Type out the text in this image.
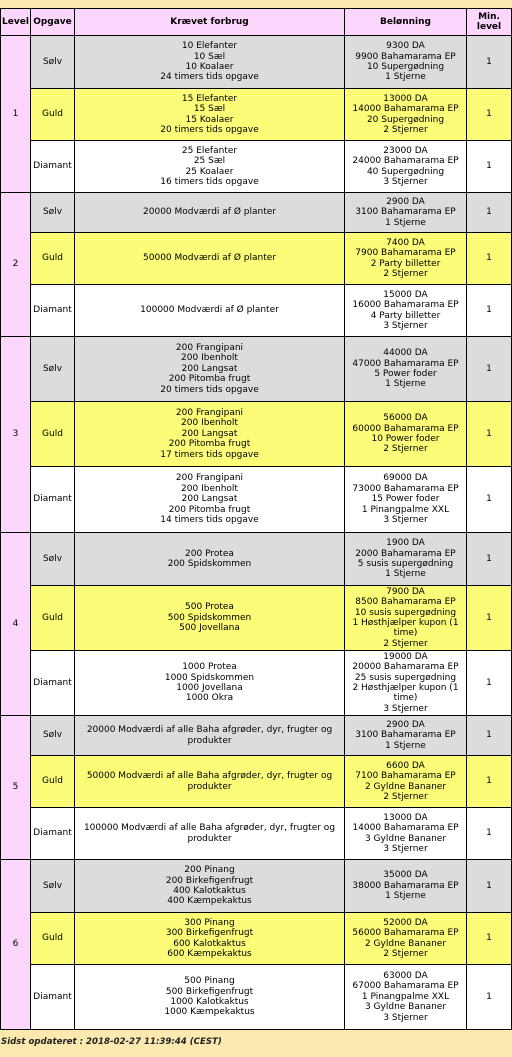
Level	Opgave	Krævet forbrug	Belønning	Min. level
1	Sølv	10 Elefanter
10 Sæl
10 Koalaer
24 timers tids opgave	9300 DA
9900 Bahamarama EP
10 Supergødning
1 Stjerne	1
	Guld	15 Elefanter
15 Sæl
15 Koalaer
20 timers tids opgave	13000 DA
14000 Bahamarama EP
20 Supergødning
2 Stjerner	1
	Diamant	25 Elefanter
25 Sæl
25 Koalaer
16 timers tids opgave	23000 DA
24000 Bahamarama EP
40 Supergødning
3 Stjerner	1
2	Sølv	20000 Modværdi af Ø planter	2900 DA
3100 Bahamarama EP
1 Stjerne	1
	Guld	50000 Modværdi af Ø planter	7400 DA
7900 Bahamarama EP
2 Party billetter
2 Stjerner	1
	Diamant	100000 Modværdi af Ø planter	15000 DA
16000 Bahamarama EP
4 Party billetter
3 Stjerner	1
3	Sølv	200 Frangipani
200 Ibenholt
200 Langsat
200 Pitomba frugt
20 timers tids opgave	44000 DA
47000 Bahamarama EP
5 Power foder
1 Stjerne	1
	Guld	200 Frangipani
200 Ibenholt
200 Langsat
200 Pitomba frugt
17 timers tids opgave	56000 DA
60000 Bahamarama EP
10 Power foder
2 Stjerner	1
	Diamant	200 Frangipani
200 Ibenholt
200 Langsat
200 Pitomba frugt
14 timers tids opgave	69000 DA
73000 Bahamarama EP
15 Power foder
1 Pinangpalme XXL
3 Stjerner	1
4	Sølv	200 Protea
200 Spidskommen	1900 DA
2000 Bahamarama EP
5 susis supergødning
1 Stjerne	1
	Guld	500 Protea
500 Spidskommen
500 Jovellana	7900 DA
8500 Bahamarama EP
10 susis supergødning
1 Høsthjælper kupon (1 time)
2 Stjerner	1
	Diamant	1000 Protea
1000 Spidskommen
1000 Jovellana
1000 Okra	19000 DA
20000 Bahamarama EP
25 susis supergødning
2 Høsthjælper kupon (1 time)
3 Stjerner	1
5	Sølv	20000 Modværdi af alle Baha afgrøder, dyr, frugter og produkter	2900 DA
3100 Bahamarama EP
1 Stjerne	1
	Guld	50000 Modværdi af alle Baha afgrøder, dyr, frugter og produkter	6600 DA
7100 Bahamarama EP
2 Gyldne Bananer
2 Stjerner	1
	Diamant	100000 Modværdi af alle Baha afgrøder, dyr, frugter og produkter	13000 DA
14000 Bahamarama EP
3 Gyldne Bananer
3 Stjerner	1
6	Sølv	200 Pinang
200 Birkefigenfrugt
400 Kalotkaktus
400 Kæmpekaktus	35000 DA
38000 Bahamarama EP
1 Stjerne	1
	Guld	300 Pinang
300 Birkefigenfrugt
600 Kalotkaktus
600 Kæmpekaktus	52000 DA
56000 Bahamarama EP
2 Gyldne Bananer
2 Stjerner	1
	Diamant	500 Pinang
500 Birkefigenfrugt
1000 Kalotkaktus
1000 Kæmpekaktus	63000 DA
67000 Bahamarama EP
1 Pinangpalme XXL
3 Gyldne Bananer
3 Stjerner	1
Sidst opdateret : 2018-02-27 11:39:44 (CEST)
